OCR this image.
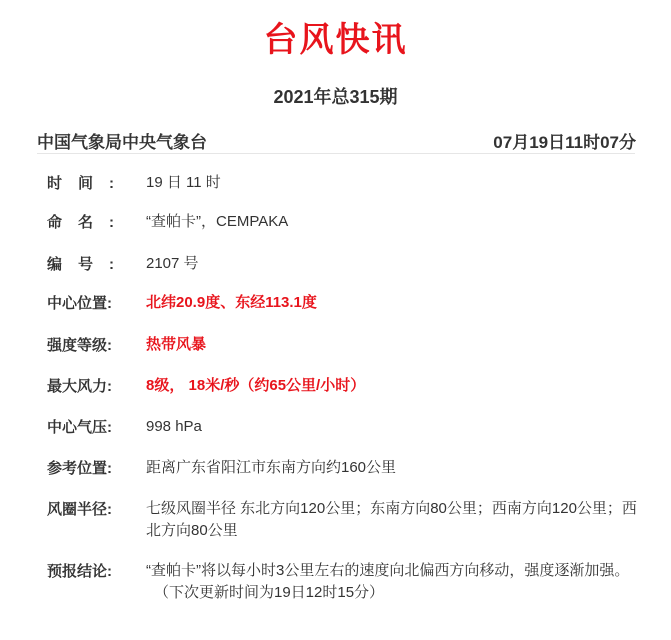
台风快讯
2021年总315期
中国气象局中央气象台	07月19日11时07分
时间:	19 日 11 时
命名:	“查帕卡”，CEMPAKA
编号:	2107 号
中心位置:	北纬20.9度、东经113.1度
强度等级:	热带风暴
最大风力:	8级， 18米/秒（约65公里/小时）
中心气压:	998 hPa
参考位置:	距离广东省阳江市东南方向约160公里
风圈半径:	七级风圈半径 东北方向120公里；东南方向80公里；西南方向120公里；西北方向80公里
预报结论:	“查帕卡”将以每小时3公里左右的速度向北偏西方向移动，强度逐渐加强。
（下次更新时间为19日12时15分）
